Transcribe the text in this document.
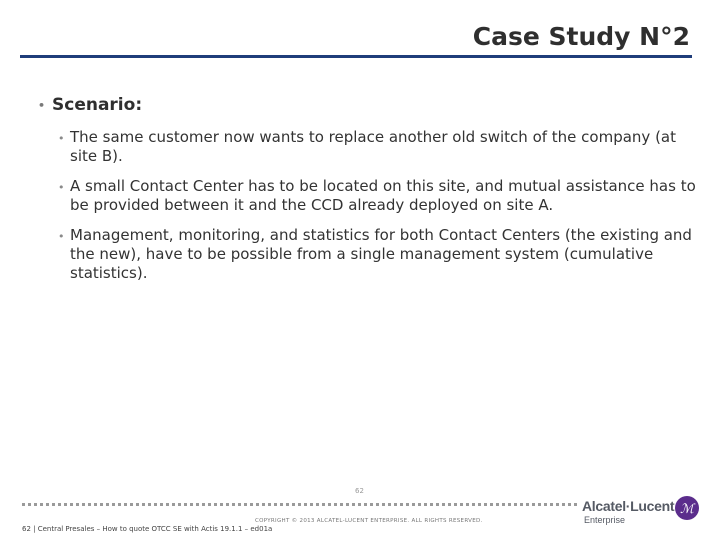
Case Study N°2
• Scenario:
• The same customer now wants to replace another old switch of the company (at site B).
• A small Contact Center has to be located on this site, and mutual assistance has to be provided between it and the CCD already deployed on site A.
• Management, monitoring, and statistics for both Contact Centers (the existing and the new), have to be possible from a single management system (cumulative statistics).
62
COPYRIGHT © 2013 ALCATEL-LUCENT ENTERPRISE. ALL RIGHTS RESERVED.
62 | Central Presales – How to quote OTCC SE with Actis 19.1.1 – ed01a
Alcatel·Lucent
Enterprise
ℳ
